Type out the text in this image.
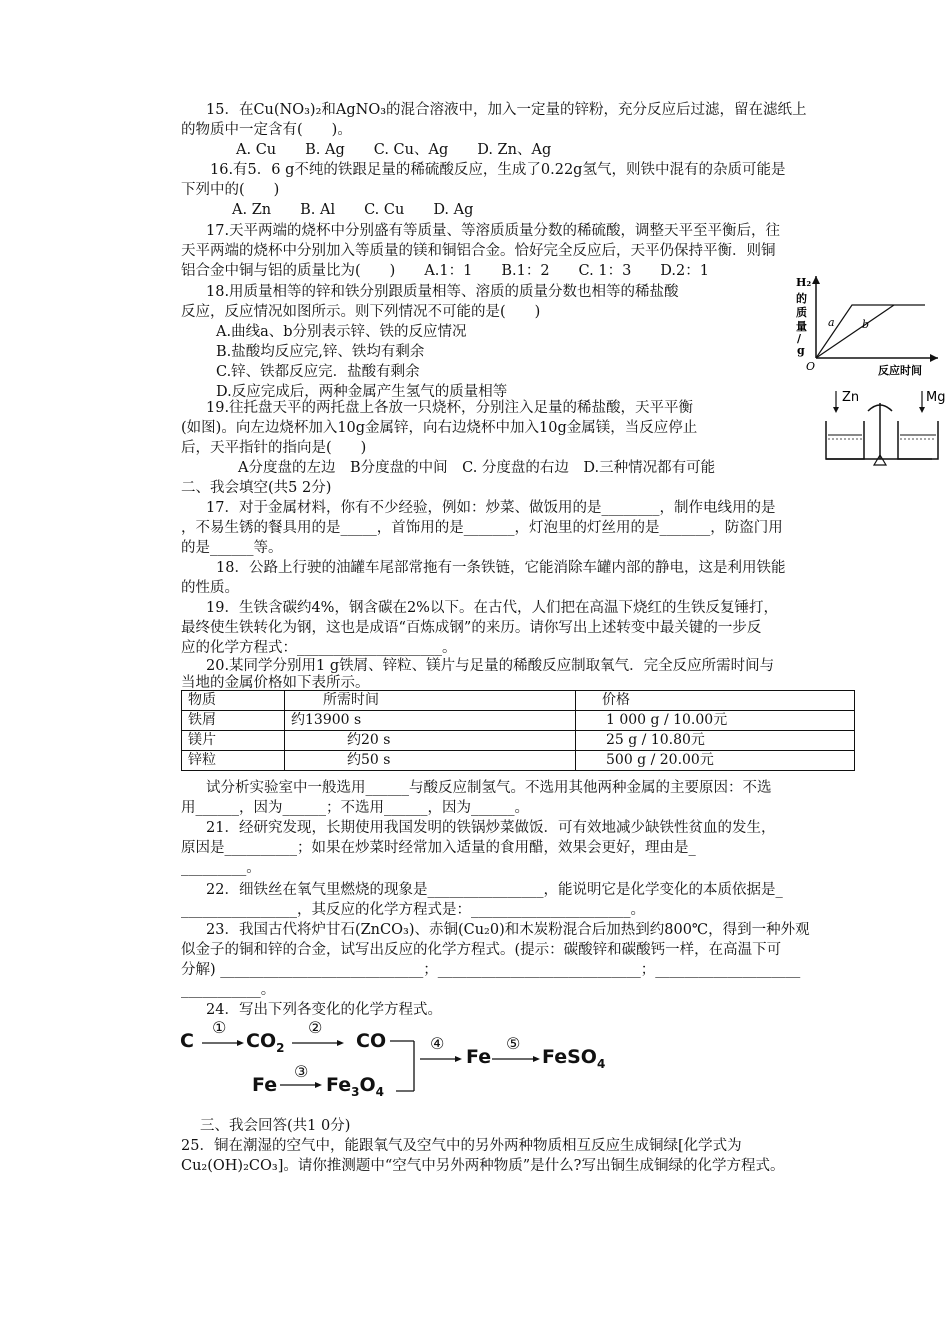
15．在Cu(NO₃)₂和AgNO₃的混合溶液中，加入一定量的锌粉，充分反应后过滤，留在滤纸上
的物质中一定含有(　　)。
A. Cu　　B. Ag　　C. Cu、Ag　　D. Zn、Ag
16.有5．6 g不纯的铁跟足量的稀硫酸反应，生成了0.22g氢气，则铁中混有的杂质可能是
下列中的(　　)
A. Zn　　B. Al　　C. Cu　　D. Ag
17.天平两端的烧杯中分别盛有等质量、等溶质质量分数的稀硫酸，调整天平至平衡后，往
天平两端的烧杯中分别加入等质量的镁和铜铝合金。恰好完全反应后，天平仍保持平衡．则铜
铝合金中铜与铝的质量比为(　　)　　A.1：1　　B.1：2　　C. 1：3　　D.2：1
18.用质量相等的锌和铁分别跟质量相等、溶质的质量分数也相等的稀盐酸
反应，反应情况如图所示。则下列情况不可能的是(　　)
A.曲线a、b分别表示锌、铁的反应情况
B.盐酸均反应完,锌、铁均有剩余
C.锌、铁都反应完．盐酸有剩余
D.反应完成后，两种金属产生氢气的质量相等
H₂
的
质
量
/
g
a b
O	反应时间
19.往托盘天平的两托盘上各放一只烧杯，分别注入足量的稀盐酸，天平平衡
(如图)。向左边烧杯加入10g金属锌，向右边烧杯中加入10g金属镁，当反应停止
后，天平指针的指向是(　　)
A分度盘的左边　B分度盘的中间　C. 分度盘的右边　D.三种情况都有可能
Zn	Mg
二、我会填空(共5 2分)
17．对于金属材料，你有不少经验，例如：炒菜、做饭用的是________，制作电线用的是
，不易生锈的餐具用的是_____，首饰用的是_______，灯泡里的灯丝用的是_______，防盗门用
的是______等。
18．公路上行驶的油罐车尾部常拖有一条铁链，它能消除车罐内部的静电，这是利用铁能
的性质。
19．生铁含碳约4%，钢含碳在2%以下。在古代，人们把在高温下烧红的生铁反复锤打，
最终使生铁转化为钢，这也是成语“百炼成钢”的来历。请你写出上述转变中最关键的一步反
应的化学方程式：____________________。
20.某同学分别用1 g铁屑、锌粒、镁片与足量的稀酸反应制取氧气．完全反应所需时间与
当地的金属价格如下表所示。
物质	所需时间	价格
铁屑	约13900 s	1 000 g / 10.00元
镁片	约20 s	25 g / 10.80元
锌粒	约50 s	500 g / 20.00元
试分析实验室中一般选用______与酸反应制氢气。不选用其他两种金属的主要原因：不选
用______，因为______；不选用______，因为______。
21．经研究发现，长期使用我国发明的铁锅炒菜做饭．可有效地减少缺铁性贫血的发生，
原因是__________；如果在炒菜时经常加入适量的食用醋，效果会更好，理由是_
_________。
22．细铁丝在氧气里燃烧的现象是________________，能说明它是化学变化的本质依据是_
________________，其反应的化学方程式是：______________________。
23．我国古代将炉甘石(ZnCO₃)、赤铜(Cu₂0)和木炭粉混合后加热到约800℃，得到一种外观
似金子的铜和锌的合金，试写出反应的化学方程式。(提示：碳酸锌和碳酸钙一样，在高温下可
分解) ____________________________；____________________________；____________________
___________。
24．写出下列各变化的化学方程式。
C	$CO_2$	CO
Fe	FeSO$_4$
Fe	$Fe_3O_4$
①	②
③
④	⑤
三、我会回答(共1 0分)
25．铜在潮湿的空气中，能跟氧气及空气中的另外两种物质相互反应生成铜绿[化学式为
Cu₂(OH)₂CO₃]。请你推测题中“空气中另外两种物质”是什么?写出铜生成铜绿的化学方程式。
